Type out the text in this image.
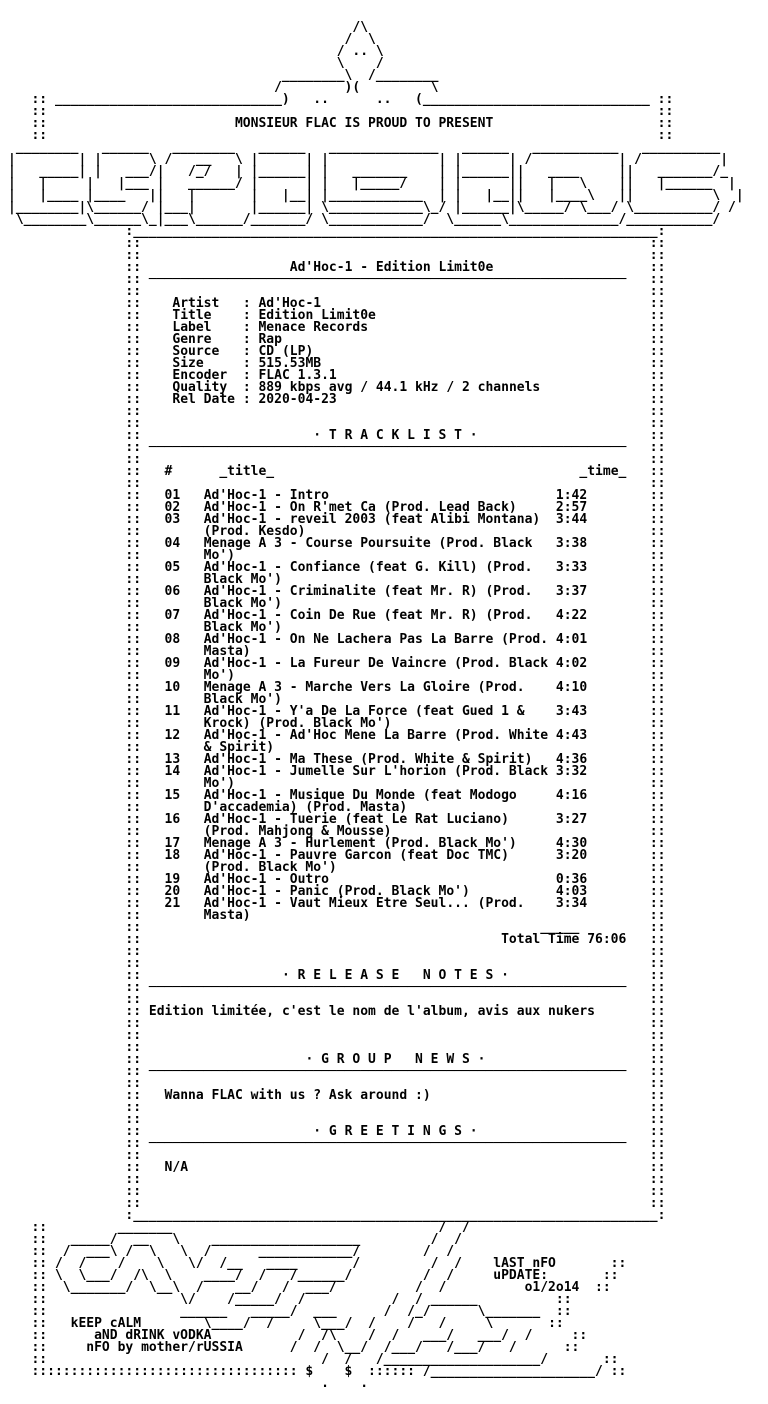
/\
/  \
/ .. \
\    /
________\  /________
/        )(         \
:: _____________________________)   ..      ..   (_____________________________ ::
::                                                                              ::
::	MONSIEUR FLAC IS PROUD TO PRESENT                     ::
::                                                                              ::
________   ______   ________   ______   ______________   ______   ___________   __________
|        | |      \ /   __   \ |      | |              | |      | /           | /          |
|   _____| |   ___/|   /_/   | |______| |   _______    | |______||   ____     ||   _______/_
|   |     |   |___ |   ______/ |      | |   |_____/    | |      ||   |   \    ||   |______  |
|   |____ |____   ||   |       |   |__| |____________  | |   |__||   |____\   ||          \  |
|________|\______/ |___|       |______| \____________\_/ |______|\_____/ \___/ \__________/ /
\________\______\_|___\______/_______/ \____________/  \______\______________/___________/
:___________________________________________________________________:
::                                                                 ::
::                                                                 ::
::	Ad'Hoc-1 - Edition Limit0e                    ::
:: ─────────────────────────────────────────────────────────────   ::
::                                                                 ::
::    Artist   : Ad'Hoc-1                                          ::
::    Title    : Edition Limit0e                                   ::
::    Label    : Menace Records                                    ::
::    Genre    : Rap                                               ::
::    Source   : CD (LP)                                           ::
::    Size     : 515.53MB                                          ::
::    Encoder  : FLAC 1.3.1                                        ::
::    Quality  : 889 kbps avg / 44.1 kHz / 2 channels              ::
::    Rel Date : 2020-04-23                                        ::
::                                                                 ::
::                                                                 ::
::	· T R A C K L I S T ·                      ::
:: ─────────────────────────────────────────────────────────────   ::
::                                                                 ::
::   #	_title_	_time_   ::
::                                                                 ::
::   01 Ad'Hoc-1 - Intro                             1:42        ::
::   02 Ad'Hoc-1 - On R'met Ca (Prod. Lead Back)     2:57        ::
::   03 Ad'Hoc-1 - reveil 2003 (feat Alibi Montana)  3:44        ::
::        (Prod. Kesdo)                                            ::
::   04 Menage A 3 - Course Poursuite (Prod. Black   3:38        ::
::        Mo')                                                     ::
::   05 Ad'Hoc-1 - Confiance (feat G. Kill) (Prod.   3:33        ::
::        Black Mo')                                               ::
::   06 Ad'Hoc-1 - Criminalite (feat Mr. R) (Prod.   3:37        ::
::        Black Mo')                                               ::
::   07 Ad'Hoc-1 - Coin De Rue (feat Mr. R) (Prod.   4:22        ::
::        Black Mo')                                               ::
::   08 Ad'Hoc-1 - On Ne Lachera Pas La Barre (Prod. 4:01        ::
::        Masta)                                                   ::
::   09 Ad'Hoc-1 - La Fureur De Vaincre (Prod. Black 4:02        ::
::        Mo')                                                     ::
::   10 Menage A 3 - Marche Vers La Gloire (Prod.    4:10        ::
::        Black Mo')                                               ::
::   11 Ad'Hoc-1 - Y'a De La Force (feat Gued 1 &    3:43        ::
::        Krock) (Prod. Black Mo')                                 ::
::   12 Ad'Hoc-1 - Ad'Hoc Mene La Barre (Prod. White 4:43        ::
::        & Spirit)                                                ::
::   13 Ad'Hoc-1 - Ma These (Prod. White & Spirit)   4:36        ::
::   14 Ad'Hoc-1 - Jumelle Sur L'horion (Prod. Black 3:32        ::
::        Mo')                                                     ::
::   15 Ad'Hoc-1 - Musique Du Monde (feat Modogo     4:16        ::
::        D'accademia) (Prod. Masta)                               ::
::   16 Ad'Hoc-1 - Tuerie (feat Le Rat Luciano)      3:27        ::
::        (Prod. Mahjong & Mousse)                                 ::
::   17 Menage A 3 - Hurlement (Prod. Black Mo')     4:30        ::
::   18 Ad'Hoc-1 - Pauvre Garcon (feat Doc TMC)      3:20        ::
::        (Prod. Black Mo')                                        ::
::   19 Ad'Hoc-1 - Outro                             0:36        ::
::   20 Ad'Hoc-1 - Panic (Prod. Black Mo')           4:03        ::
::   21 Ad'Hoc-1 - Vaut Mieux Etre Seul... (Prod.    3:34        ::
::        Masta)                                                   ::
::	_____         ::
::	Total Time 76:06   ::
::                                                                 ::
::                                                                 ::
::	· R E L E A S E   N O T E S ·                  ::
:: ─────────────────────────────────────────────────────────────   ::
::                                                                 ::
:: Edition limitée, c'est le nom de l'album, avis aux nukers       ::
::                                                                 ::
::                                                                 ::
::                                                                 ::
::	· G R O U P   N E W S ·                     ::
:: ─────────────────────────────────────────────────────────────   ::
::                                                                 ::
::   Wanna FLAC with us ? Ask around :)                            ::
::                                                                 ::
::                                                                 ::
::	· G R E E T I N G S ·                      ::
:: ─────────────────────────────────────────────────────────────   ::
::                                                                 ::
::   N/A                                                           ::
::                                                                 ::
::                                                                 ::
::                                                                 ::
:___________________________________________________________________:
::         _______                                  /  /
::   _____/  __   \    ___________________         /  /
::  /  ___\ /  \   \  /      ____________/        /  /
:: /  /    /    \   \/  /__   ____       /         /  /    lAST nFO       ::
:: \  \___/  /\  \    ____/  /   /______/         /  /     uPDATE:       ::
::  \_______/  \__\  /    __/   /  ___/          /  /          o1/2o14  ::
::                 \/    /_____/  /           /  / ______          ::
::                 ______   _____/  ___      /  /_/      \_______  ::
::   kEEP cALM        \____/  /     \___/  /    /   /     \       ::
::      aND dRINK vODKA           /  /\    /  /   ___/   ___/  /     ::
::     nFO by mother/rUSSIA      /  /  \__/  /___/   /___/   /      ::
::                                   /  /   /____________________/       ::
:::::::::::::::::::::::::::::::::: $    $  :::::: /_____________________/ ::
.    .
